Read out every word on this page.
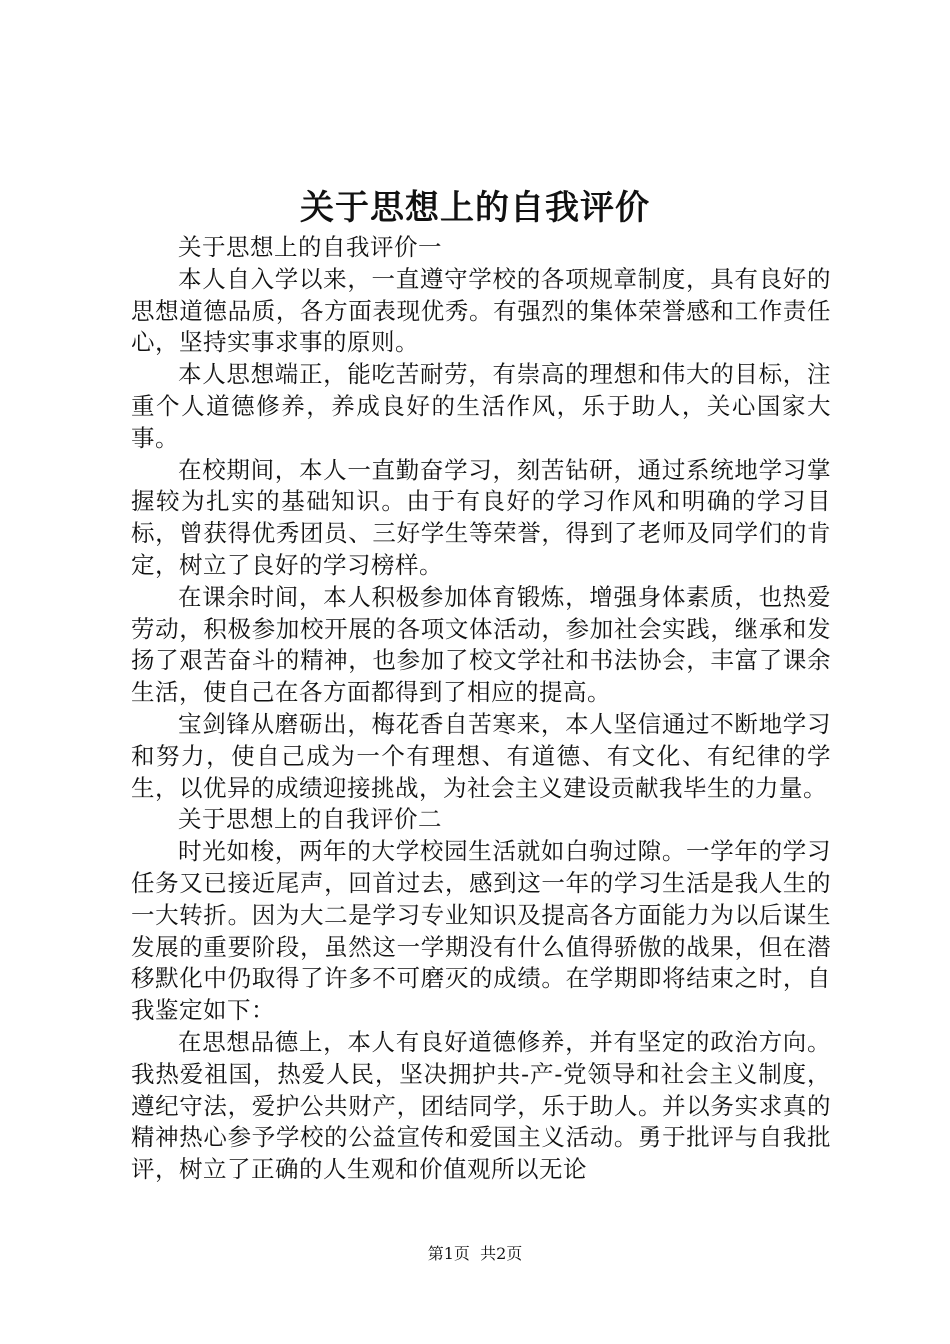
关于思想上的自我评价

关于思想上的自我评价一

本人自入学以来，一直遵守学校的各项规章制度，具有良好的思想道德品质，各方面表现优秀。有强烈的集体荣誉感和工作责任心，坚持实事求事的原则。

本人思想端正，能吃苦耐劳，有崇高的理想和伟大的目标，注重个人道德修养，养成良好的生活作风，乐于助人，关心国家大事。

在校期间，本人一直勤奋学习，刻苦钻研，通过系统地学习掌握较为扎实的基础知识。由于有良好的学习作风和明确的学习目标，曾获得优秀团员、三好学生等荣誉，得到了老师及同学们的肯定，树立了良好的学习榜样。

在课余时间，本人积极参加体育锻炼，增强身体素质，也热爱劳动，积极参加校开展的各项文体活动，参加社会实践，继承和发扬了艰苦奋斗的精神，也参加了校文学社和书法协会，丰富了课余生活，使自己在各方面都得到了相应的提高。

宝剑锋从磨砺出，梅花香自苦寒来，本人坚信通过不断地学习和努力，使自己成为一个有理想、有道德、有文化、有纪律的学生，以优异的成绩迎接挑战，为社会主义建设贡献我毕生的力量。

关于思想上的自我评价二

时光如梭，两年的大学校园生活就如白驹过隙。一学年的学习任务又已接近尾声，回首过去，感到这一年的学习生活是我人生的一大转折。因为大二是学习专业知识及提高各方面能力为以后谋生发展的重要阶段，虽然这一学期没有什么值得骄傲的战果，但在潜移默化中仍取得了许多不可磨灭的成绩。在学期即将结束之时，自我鉴定如下：

在思想品德上，本人有良好道德修养，并有坚定的政治方向。我热爱祖国，热爱人民，坚决拥护共-产-党领导和社会主义制度，遵纪守法，爱护公共财产，团结同学，乐于助人。并以务实求真的精神热心参予学校的公益宣传和爱国主义活动。勇于批评与自我批评，树立了正确的人生观和价值观所以无论

第1页 共2页
